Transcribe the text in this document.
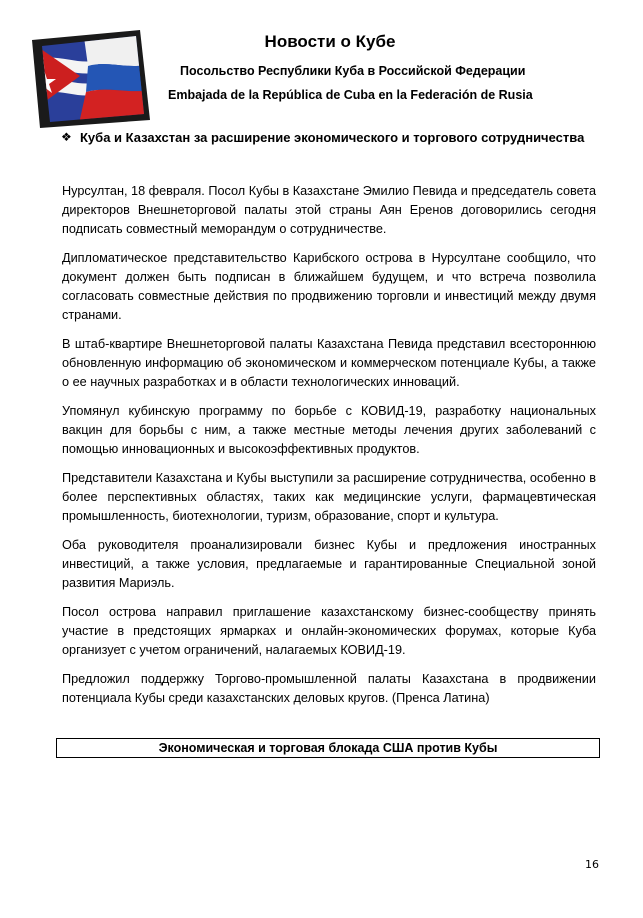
Новости о Кубе
Посольство Республики Куба в Российской Федерации
Embajada de la República de Cuba en la Federación de Rusia
❖ Куба и Казахстан за расширение экономического и торгового сотрудничества

Нурсултан, 18 февраля. Посол Кубы в Казахстане Эмилио Певида и председатель совета директоров Внешнеторговой палаты этой страны Аян Еренов договорились сегодня подписать совместный меморандум о сотрудничестве.

Дипломатическое представительство Карибского острова в Нурсултане сообщило, что документ должен быть подписан в ближайшем будущем, и что встреча позволила согласовать совместные действия по продвижению торговли и инвестиций между двумя странами.

В штаб-квартире Внешнеторговой палаты Казахстана Певида представил всестороннюю обновленную информацию об экономическом и коммерческом потенциале Кубы, а также о ее научных разработках и в области технологических инноваций.

Упомянул кубинскую программу по борьбе с КОВИД-19, разработку национальных вакцин для борьбы с ним, а также местные методы лечения других заболеваний с помощью инновационных и высокоэффективных продуктов.

Представители Казахстана и Кубы выступили за расширение сотрудничества, особенно в более перспективных областях, таких как медицинские услуги, фармацевтическая промышленность, биотехнологии, туризм, образование, спорт и культура.

Оба руководителя проанализировали бизнес Кубы и предложения иностранных инвестиций, а также условия, предлагаемые и гарантированные Специальной зоной развития Мариэль.

Посол острова направил приглашение казахстанскому бизнес-сообществу принять участие в предстоящих ярмарках и онлайн-экономических форумах, которые Куба организует с учетом ограничений, налагаемых КОВИД-19.

Предложил поддержку Торгово-промышленной палаты Казахстана в продвижении потенциала Кубы среди казахстанских деловых кругов. (Пренса Латина)

Экономическая и торговая блокада США против Кубы
16
